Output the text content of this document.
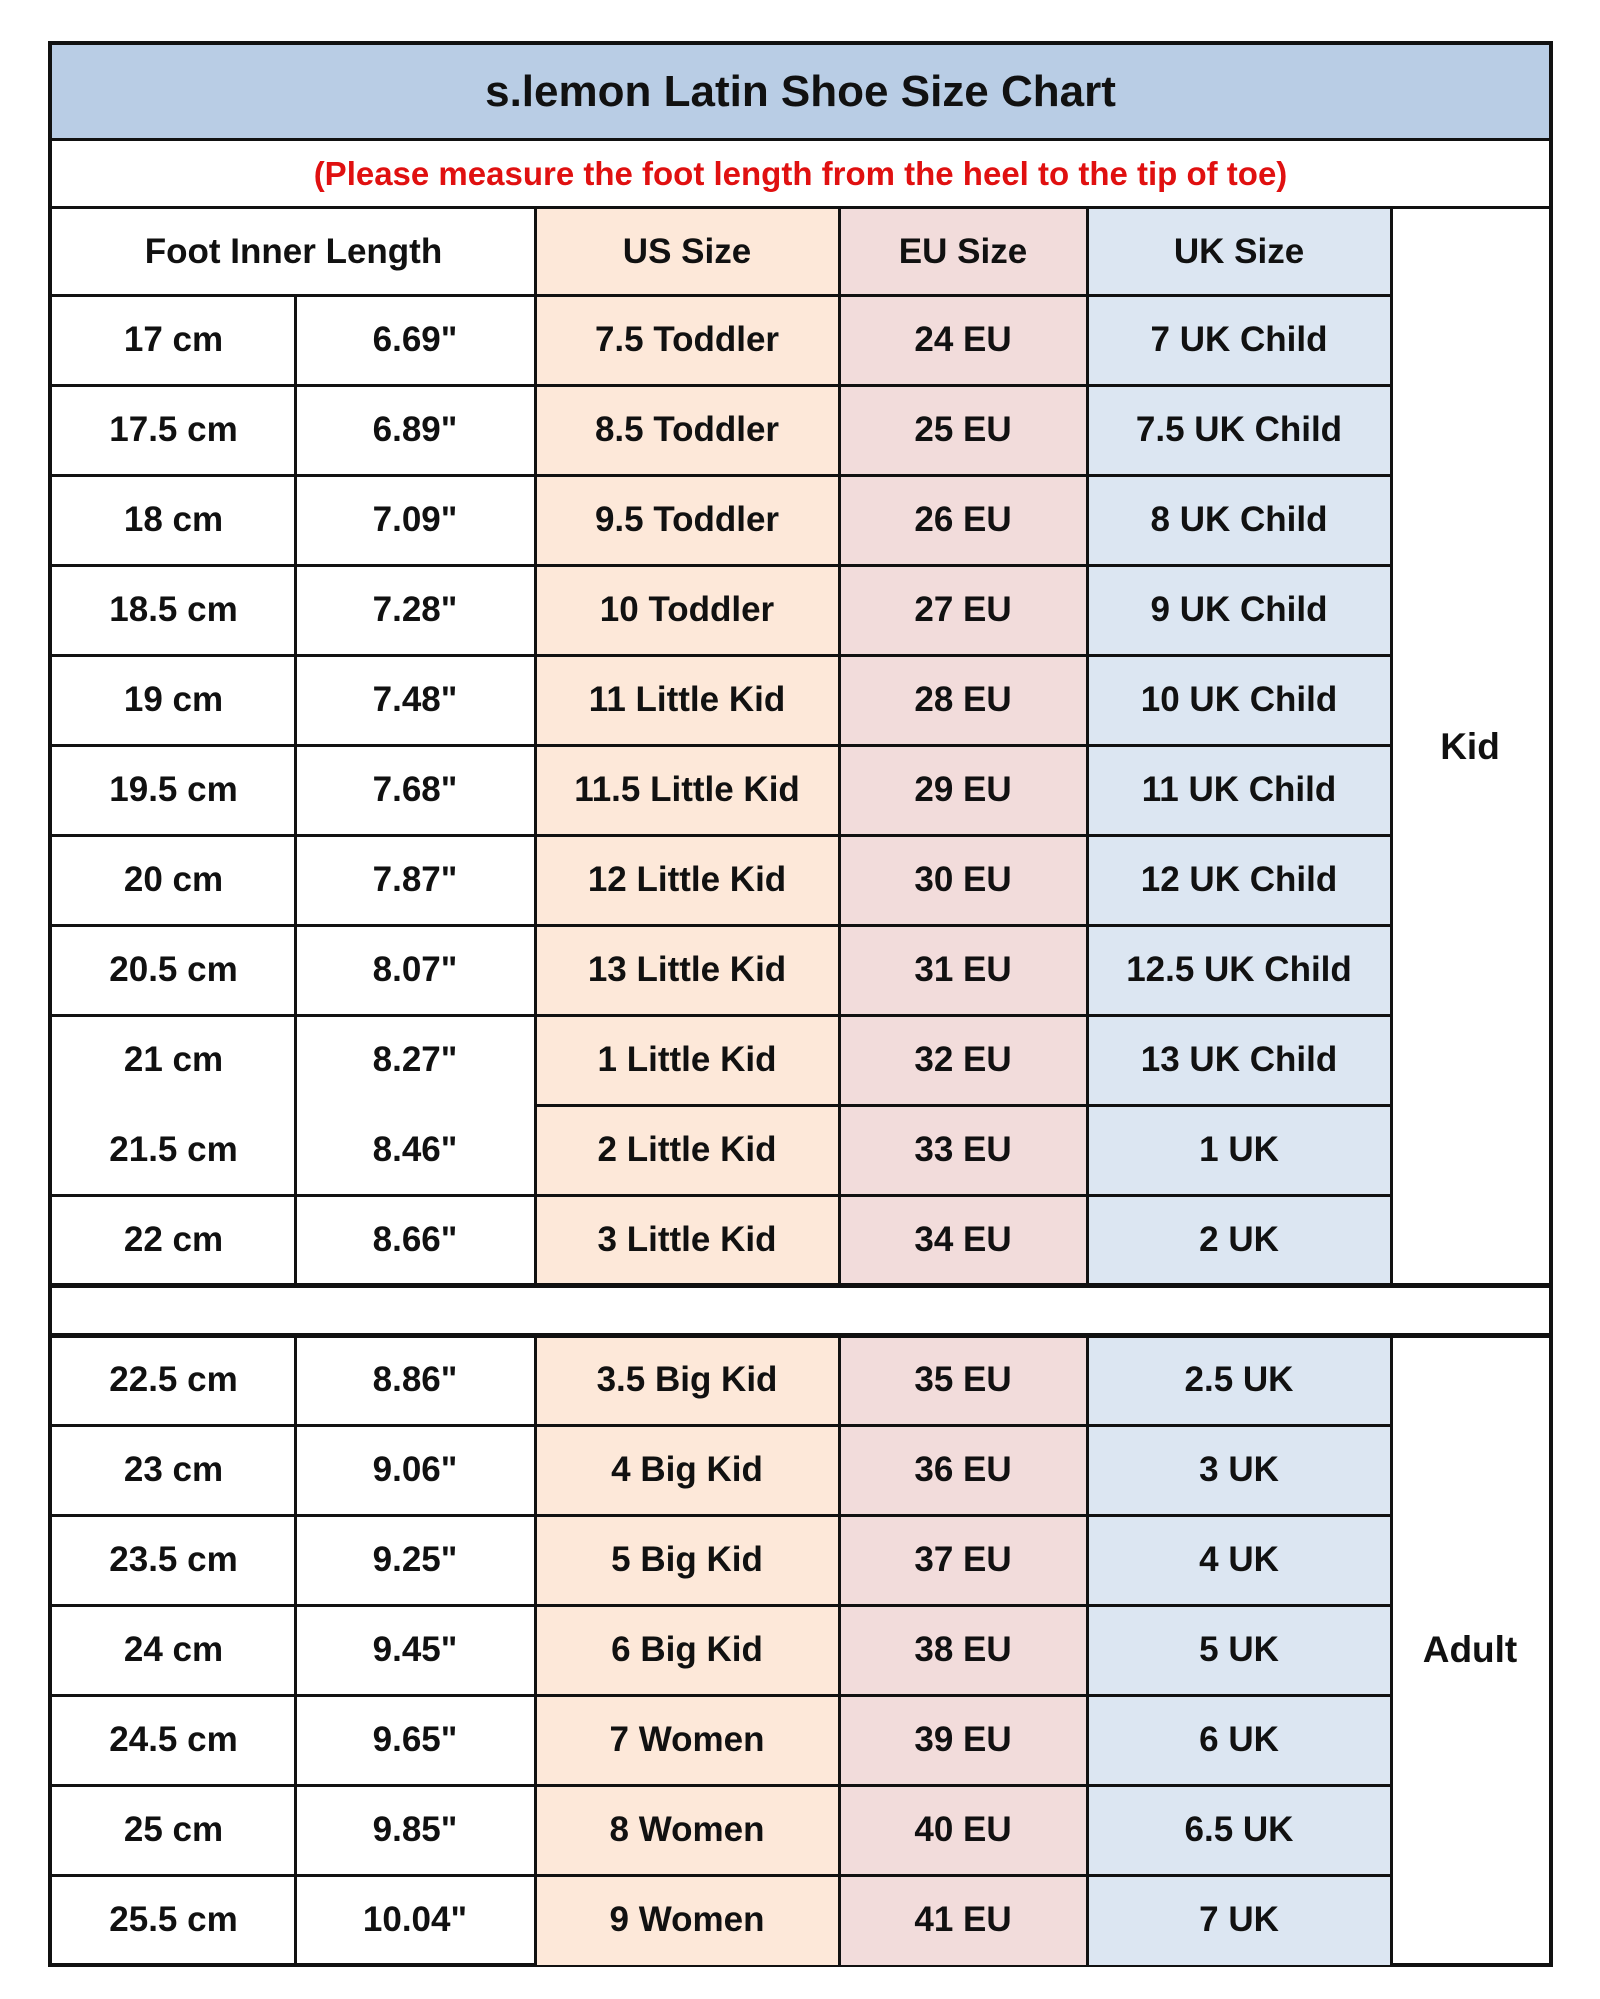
s.lemon Latin Shoe Size Chart
(Please measure the foot length from the heel to the tip of toe)
Foot Inner Length	US Size	EU Size	UK Size
17 cm	6.69"	7.5 Toddler	24 EU	7 UK Child
17.5 cm	6.89"	8.5 Toddler	25 EU	7.5 UK Child
18 cm	7.09"	9.5 Toddler	26 EU	8 UK Child
18.5 cm	7.28"	10 Toddler	27 EU	9 UK Child
19 cm	7.48"	11 Little Kid	28 EU	10 UK Child
19.5 cm	7.68"	11.5 Little Kid	29 EU	11 UK Child
20 cm	7.87"	12 Little Kid	30 EU	12 UK Child
20.5 cm	8.07"	13 Little Kid	31 EU	12.5 UK Child
21 cm	8.27"	1 Little Kid	32 EU	13 UK Child
21.5 cm	8.46"	2 Little Kid	33 EU	1 UK
22 cm	8.66"	3 Little Kid	34 EU	2 UK
Kid
22.5 cm	8.86"	3.5 Big Kid	35 EU	2.5 UK
23 cm	9.06"	4 Big Kid	36 EU	3 UK
23.5 cm	9.25"	5 Big Kid	37 EU	4 UK
24 cm	9.45"	6 Big Kid	38 EU	5 UK
24.5 cm	9.65"	7 Women	39 EU	6 UK
25 cm	9.85"	8 Women	40 EU	6.5 UK
25.5 cm	10.04"	9 Women	41 EU	7 UK
Adult
